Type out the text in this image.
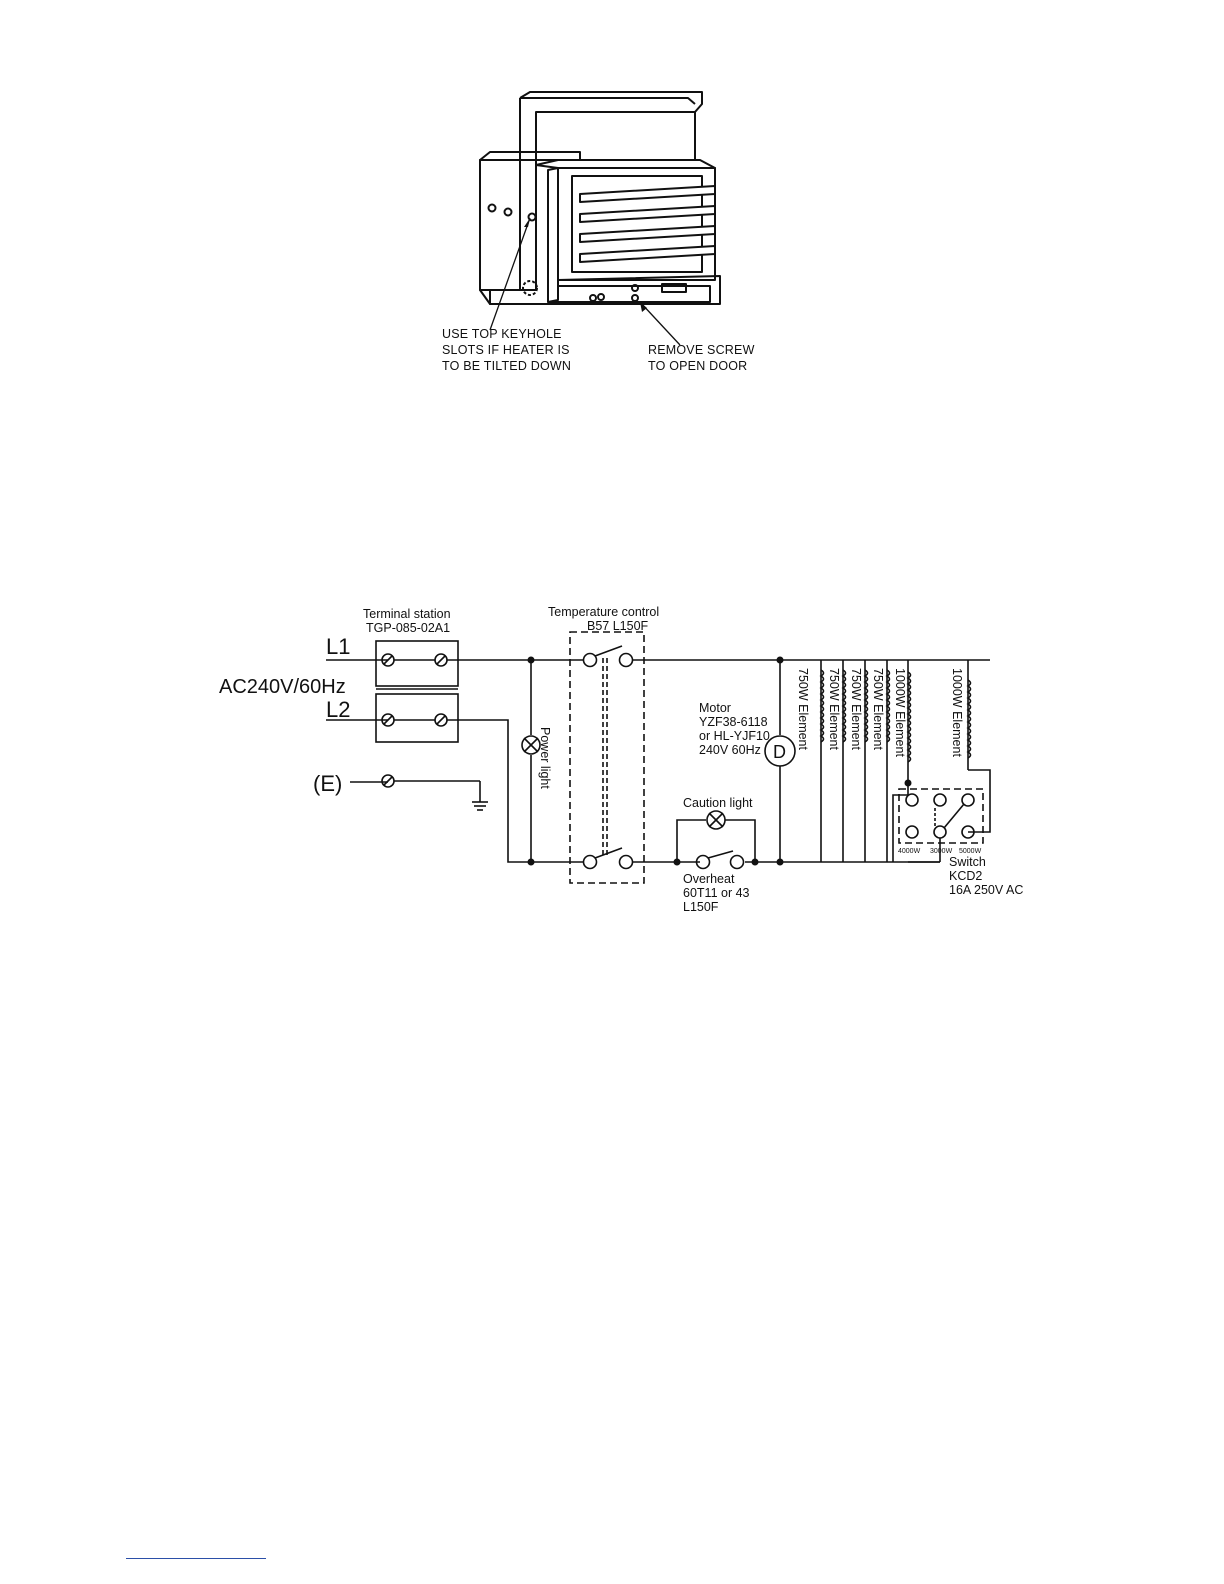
USE TOP KEYHOLE
SLOTS IF HEATER IS
TO BE TILTED DOWN
REMOVE SCREW
TO OPEN DOOR
AC240V/60Hz
L1
L2
(E)
Terminal station
TGP-085-02A1
Temperature control
B57 L150F
Power light
Motor
YZF38-6118
or HL-YJF10
240V 60Hz D
Caution light
Overheat
60T11 or 43
L150F
750W Element 750W Element 750W Element 750W Element 1000W Element	1000W Element
4000W 3000W 5000W
Switch
KCD2
16A 250V AC
